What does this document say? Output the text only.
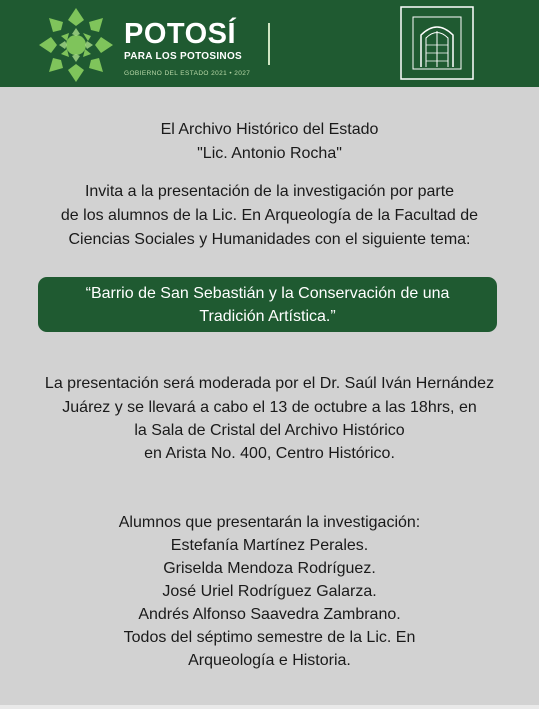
POTOSÍ
PARA LOS POTOSINOS
GOBIERNO DEL ESTADO 2021 • 2027
El Archivo Histórico del Estado
"Lic. Antonio Rocha"
Invita a la presentación de la investigación por parte
de los alumnos de la Lic. En Arqueología de la Facultad de
Ciencias Sociales y Humanidades con el siguiente tema:
“Barrio de San Sebastián y la Conservación de una Tradición Artística.”
La presentación será moderada por el Dr. Saúl Iván Hernández
Juárez y se llevará a cabo el 13 de octubre a las 18hrs, en
la Sala de Cristal del Archivo Histórico
en Arista No. 400, Centro Histórico.
Alumnos que presentarán la investigación:
Estefanía Martínez Perales.
Griselda Mendoza Rodríguez.
José Uriel Rodríguez Galarza.
Andrés Alfonso Saavedra Zambrano.
Todos del séptimo semestre de la Lic. En
Arqueología e Historia.
